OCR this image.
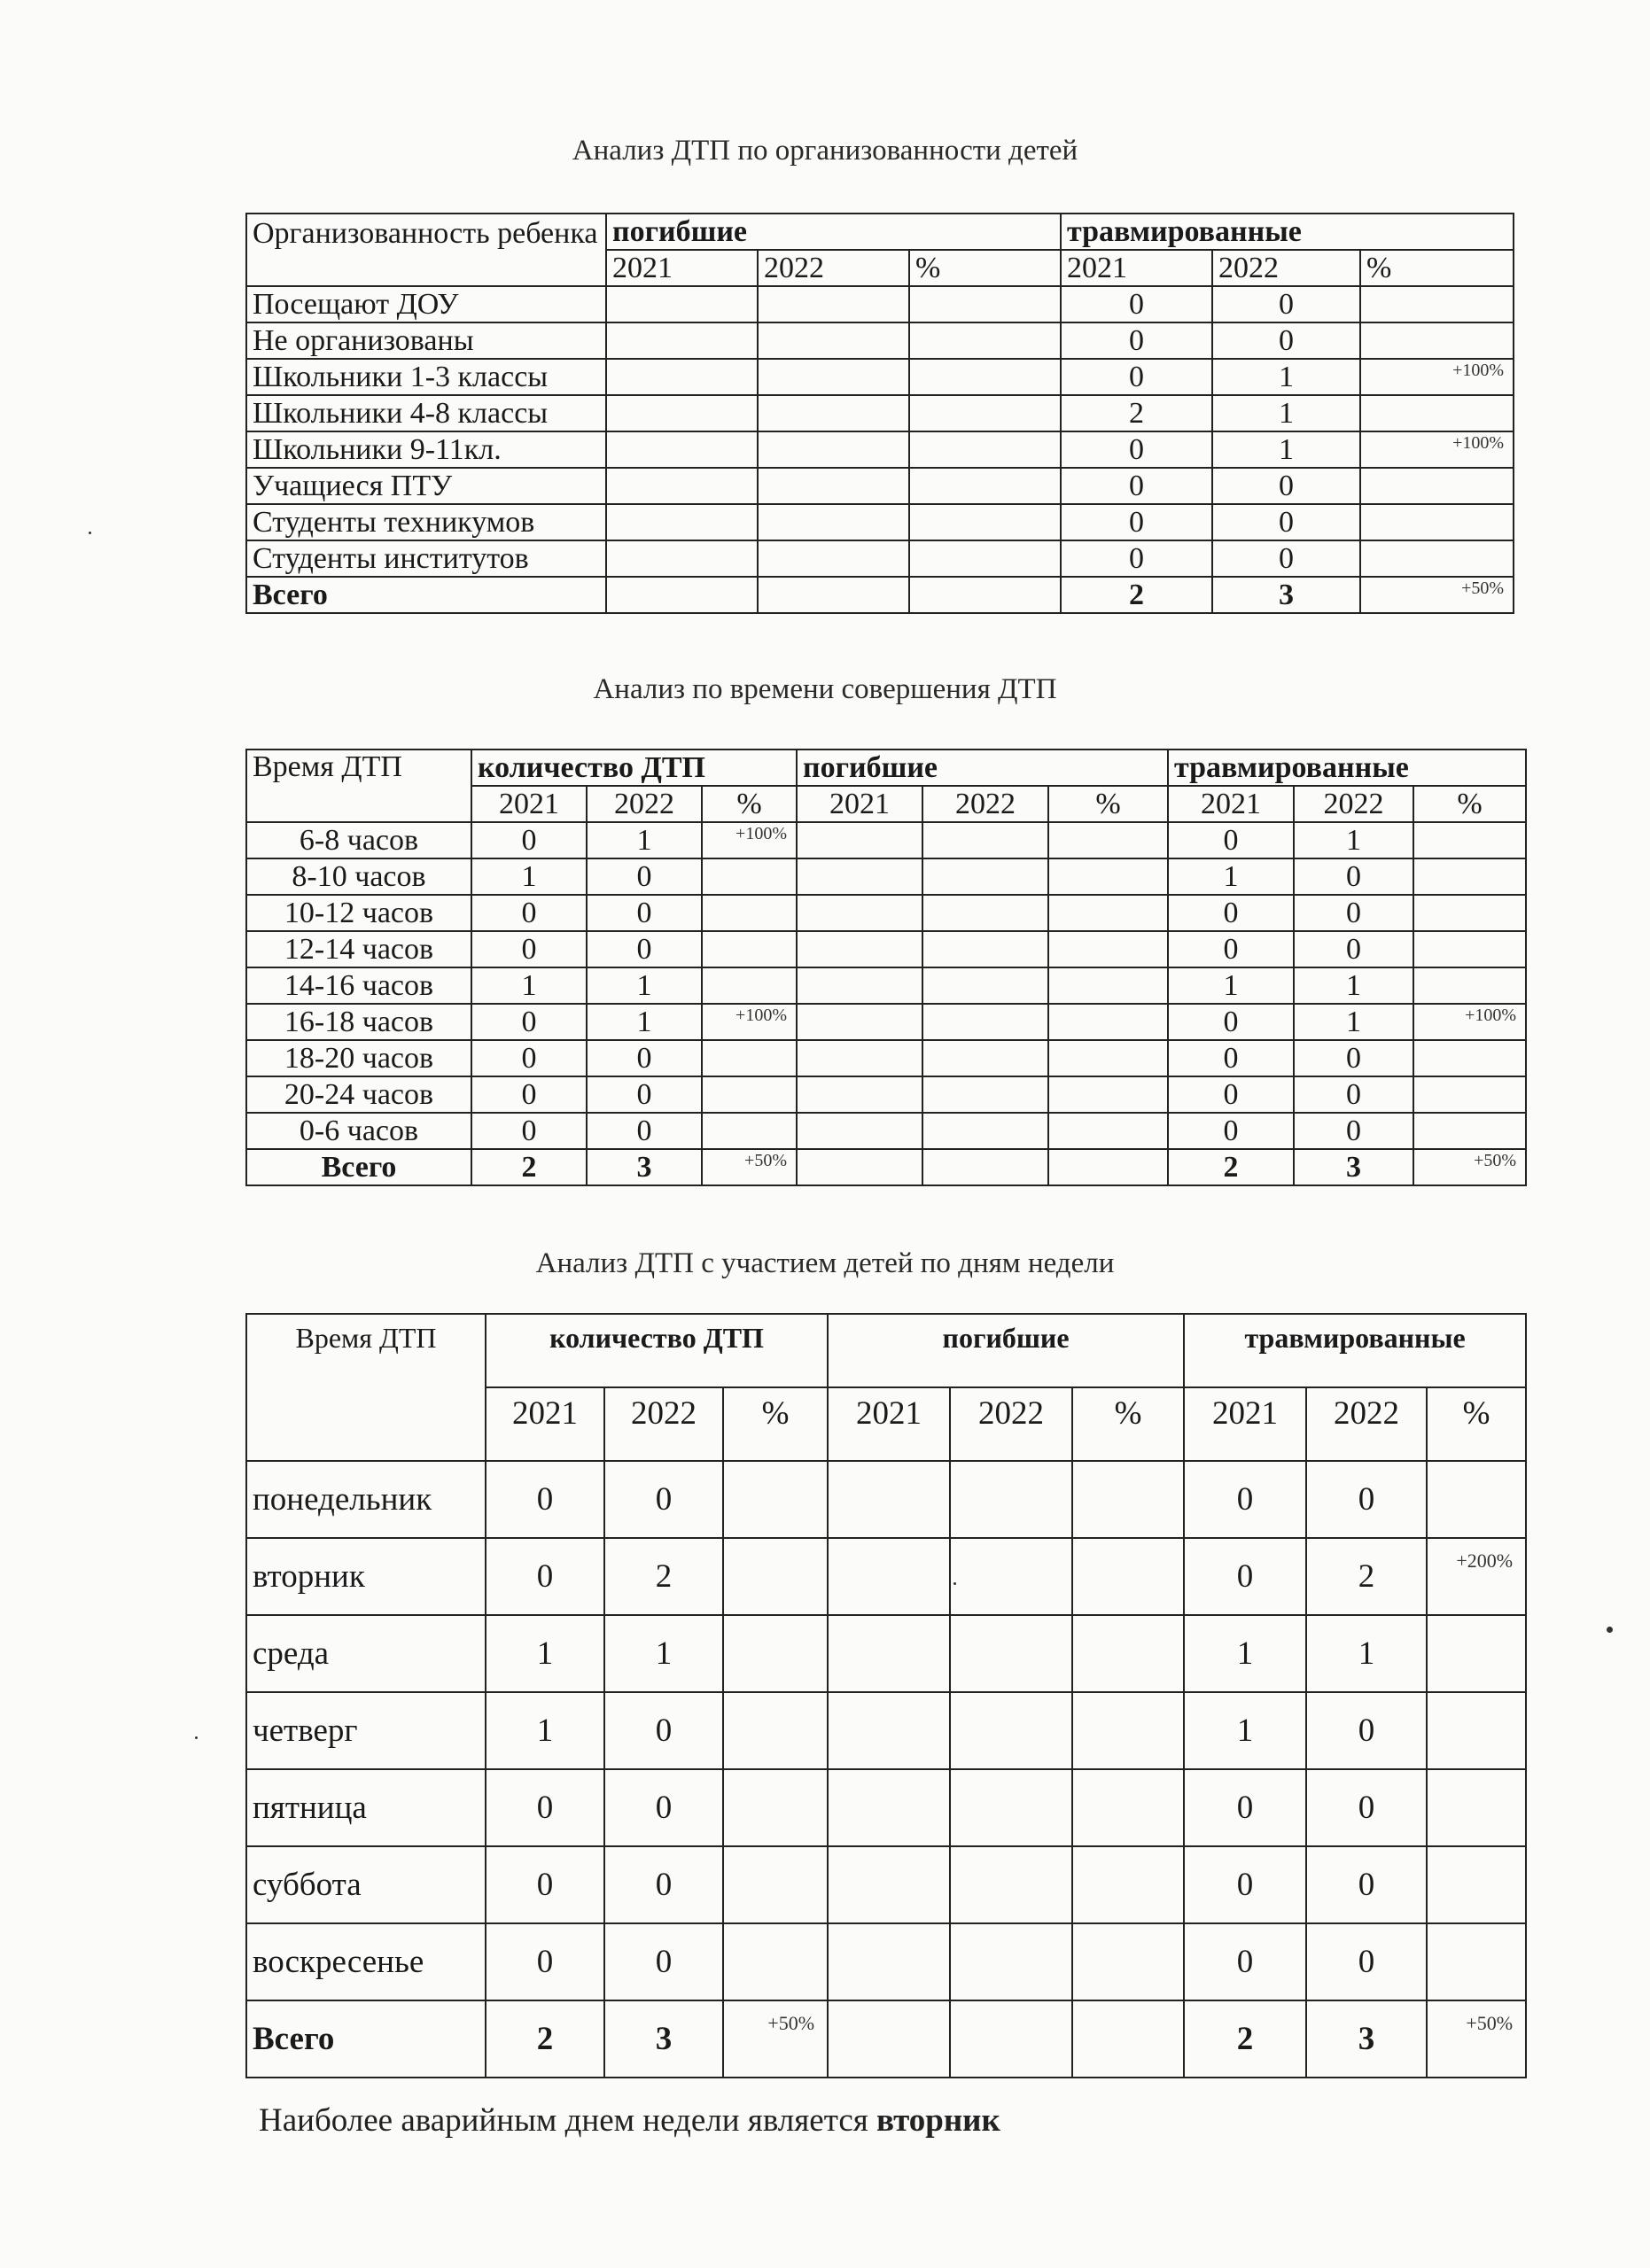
Анализ ДТП по организованности детей
Организованность ребенка	погибшие			травмированные		
	2021	2022	%	2021	2022	%
Посещают ДОУ				0	0	
Не организованы				0	0	
Школьники 1-3 классы				0	1	+100%

Школьники 4-8 классы				2	1	
Школьники 9-11кл.				0	1	+100%

Учащиеся ПТУ				0	0	
Студенты техникумов				0	0	
Студенты институтов				0	0	
Всего				2	3	+50%
Анализ по времени совершения ДТП
Время ДТП	количество ДТП			погибшие			травмированные		
	2021	2022	%	2021	2022	%	2021	2022	%
6-8 часов	0	1	+100%				0	1	
8-10 часов	1	0					1	0	
10-12 часов	0	0					0	0	
12-14 часов	0	0					0	0	
14-16 часов	1	1					1	1	
16-18 часов	0	1	+100%				0	1	+100%

18-20 часов	0	0					0	0	
20-24 часов	0	0					0	0	
0-6 часов	0	0					0	0	
Всего	2	3	+50%				2	3	+50%
Анализ ДТП с участием детей по дням недели
Время ДТП	количество ДТП			погибшие			травмированные		
	2021	2022	%	2021	2022	%	2021	2022	%
понедельник	0	0					0	0	
вторник	0	2					0	2	+200%

среда	1	1					1	1	
четверг	1	0					1	0	
пятница	0	0					0	0	
суббота	0	0					0	0	
воскресенье	0	0					0	0	
Всего	2	3	+50%				2	3	+50%
Наиболее аварийным днем недели является вторник
